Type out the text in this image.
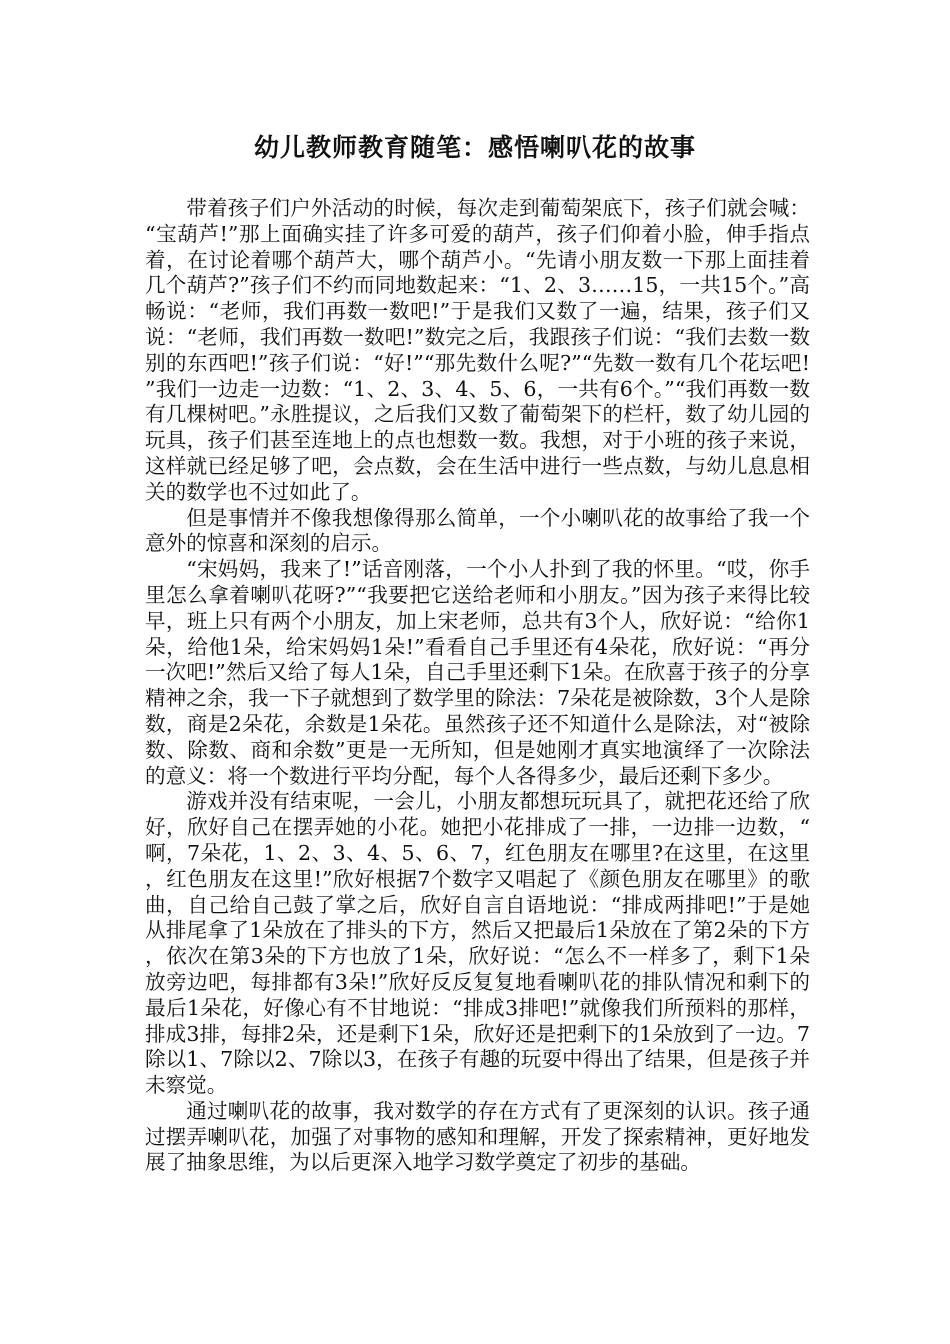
幼儿教师教育随笔：感悟喇叭花的故事

带着孩子们户外活动的时候，每次走到葡萄架底下，孩子们就会喊：“宝葫芦!”那上面确实挂了许多可爱的葫芦，孩子们仰着小脸，伸手指点着，在讨论着哪个葫芦大，哪个葫芦小。“先请小朋友数一下那上面挂着几个葫芦?”孩子们不约而同地数起来：“1、2、3……15，一共15个。”高畅说：“老师，我们再数一数吧!”于是我们又数了一遍，结果，孩子们又说：“老师，我们再数一数吧!”数完之后，我跟孩子们说：“我们去数一数别的东西吧!”孩子们说：“好!”“那先数什么呢?”“先数一数有几个花坛吧!”我们一边走一边数：“1、2、3、4、5、6，一共有6个。”“我们再数一数有几棵树吧。”永胜提议，之后我们又数了葡萄架下的栏杆，数了幼儿园的玩具，孩子们甚至连地上的点也想数一数。我想，对于小班的孩子来说，这样就已经足够了吧，会点数，会在生活中进行一些点数，与幼儿息息相关的数学也不过如此了。

但是事情并不像我想像得那么简单，一个小喇叭花的故事给了我一个意外的惊喜和深刻的启示。

“宋妈妈，我来了!”话音刚落，一个小人扑到了我的怀里。“哎，你手里怎么拿着喇叭花呀?”“我要把它送给老师和小朋友。”因为孩子来得比较早，班上只有两个小朋友，加上宋老师，总共有3个人，欣好说：“给你1朵，给他1朵，给宋妈妈1朵!”看看自己手里还有4朵花，欣好说：“再分一次吧!”然后又给了每人1朵，自己手里还剩下1朵。在欣喜于孩子的分享精神之余，我一下子就想到了数学里的除法：7朵花是被除数，3个人是除数，商是2朵花，余数是1朵花。虽然孩子还不知道什么是除法，对“被除数、除数、商和余数”更是一无所知，但是她刚才真实地演绎了一次除法的意义：将一个数进行平均分配，每个人各得多少，最后还剩下多少。

游戏并没有结束呢，一会儿，小朋友都想玩玩具了，就把花还给了欣好，欣好自己在摆弄她的小花。她把小花排成了一排，一边排一边数，“啊，7朵花，1、2、3、4、5、6、7，红色朋友在哪里?在这里，在这里，红色朋友在这里!”欣好根据7个数字又唱起了《颜色朋友在哪里》的歌曲，自己给自己鼓了掌之后，欣好自言自语地说：“排成两排吧!”于是她从排尾拿了1朵放在了排头的下方，然后又把最后1朵放在了第2朵的下方，依次在第3朵的下方也放了1朵，欣好说：“怎么不一样多了，剩下1朵放旁边吧，每排都有3朵!”欣好反反复复地看喇叭花的排队情况和剩下的最后1朵花，好像心有不甘地说：“排成3排吧!”就像我们所预料的那样，排成3排，每排2朵，还是剩下1朵，欣好还是把剩下的1朵放到了一边。7除以1、7除以2、7除以3，在孩子有趣的玩耍中得出了结果，但是孩子并未察觉。

通过喇叭花的故事，我对数学的存在方式有了更深刻的认识。孩子通过摆弄喇叭花，加强了对事物的感知和理解，开发了探索精神，更好地发展了抽象思维，为以后更深入地学习数学奠定了初步的基础。
